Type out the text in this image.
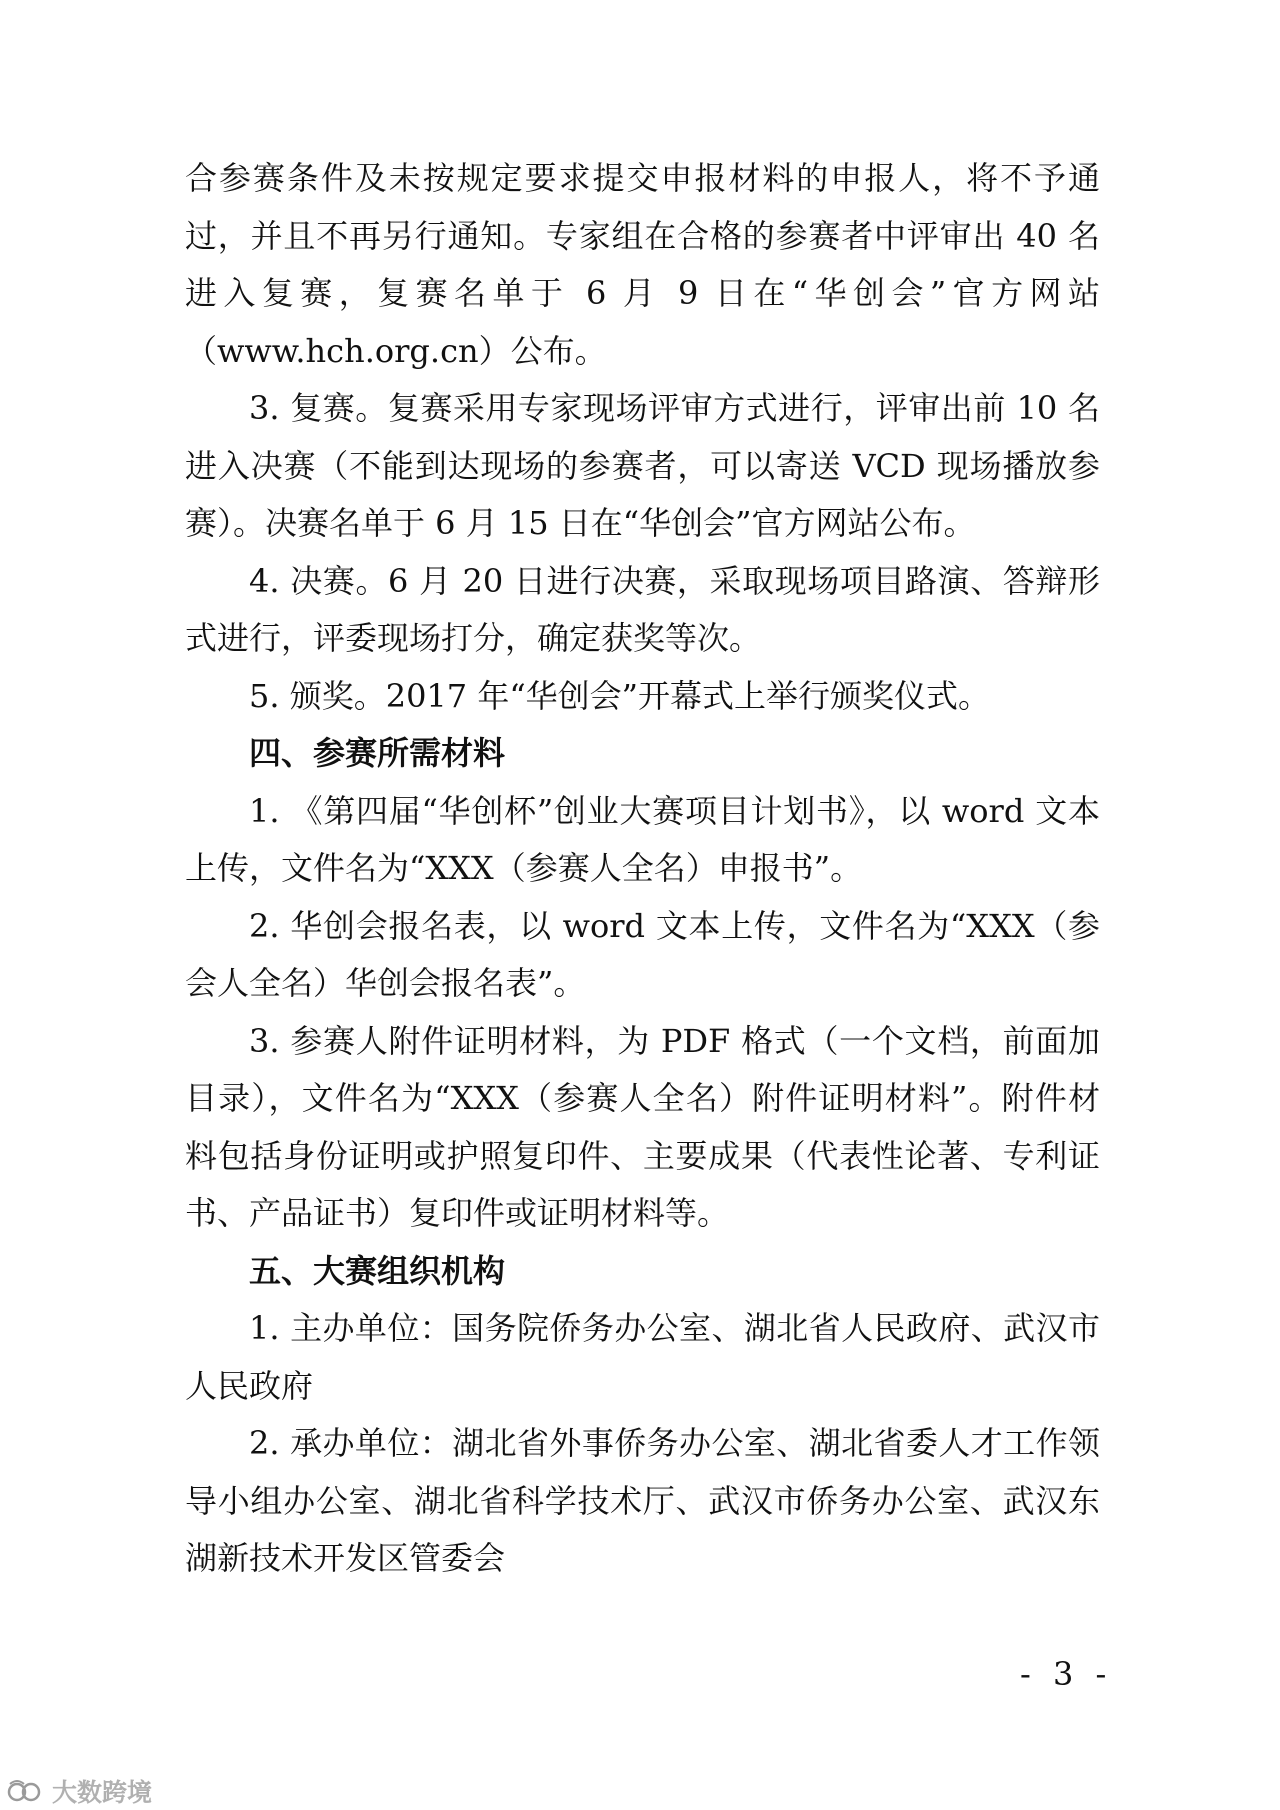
合参赛条件及未按规定要求提交申报材料的申报人，将不予通过，并且不再另行通知。专家组在合格的参赛者中评审出 40 名进入复赛，复赛名单于 6 月 9 日在“华创会”官方网站（www.hch.org.cn）公布。

3. 复赛。复赛采用专家现场评审方式进行，评审出前 10 名进入决赛（不能到达现场的参赛者，可以寄送 VCD 现场播放参赛）。决赛名单于 6 月 15 日在“华创会”官方网站公布。

4. 决赛。6 月 20 日进行决赛，采取现场项目路演、答辩形式进行，评委现场打分，确定获奖等次。

5. 颁奖。2017 年“华创会”开幕式上举行颁奖仪式。

四、参赛所需材料

1. 《第四届“华创杯”创业大赛项目计划书》，以 word 文本上传，文件名为“XXX（参赛人全名）申报书”。

2. 华创会报名表，以 word 文本上传，文件名为“XXX（参会人全名）华创会报名表”。

3. 参赛人附件证明材料，为 PDF 格式（一个文档，前面加目录），文件名为“XXX（参赛人全名）附件证明材料”。附件材料包括身份证明或护照复印件、主要成果（代表性论著、专利证书、产品证书）复印件或证明材料等。

五、大赛组织机构

1. 主办单位：国务院侨务办公室、湖北省人民政府、武汉市人民政府

2. 承办单位：湖北省外事侨务办公室、湖北省委人才工作领导小组办公室、湖北省科学技术厅、武汉市侨务办公室、武汉东湖新技术开发区管委会

- 3 -
大数跨境
